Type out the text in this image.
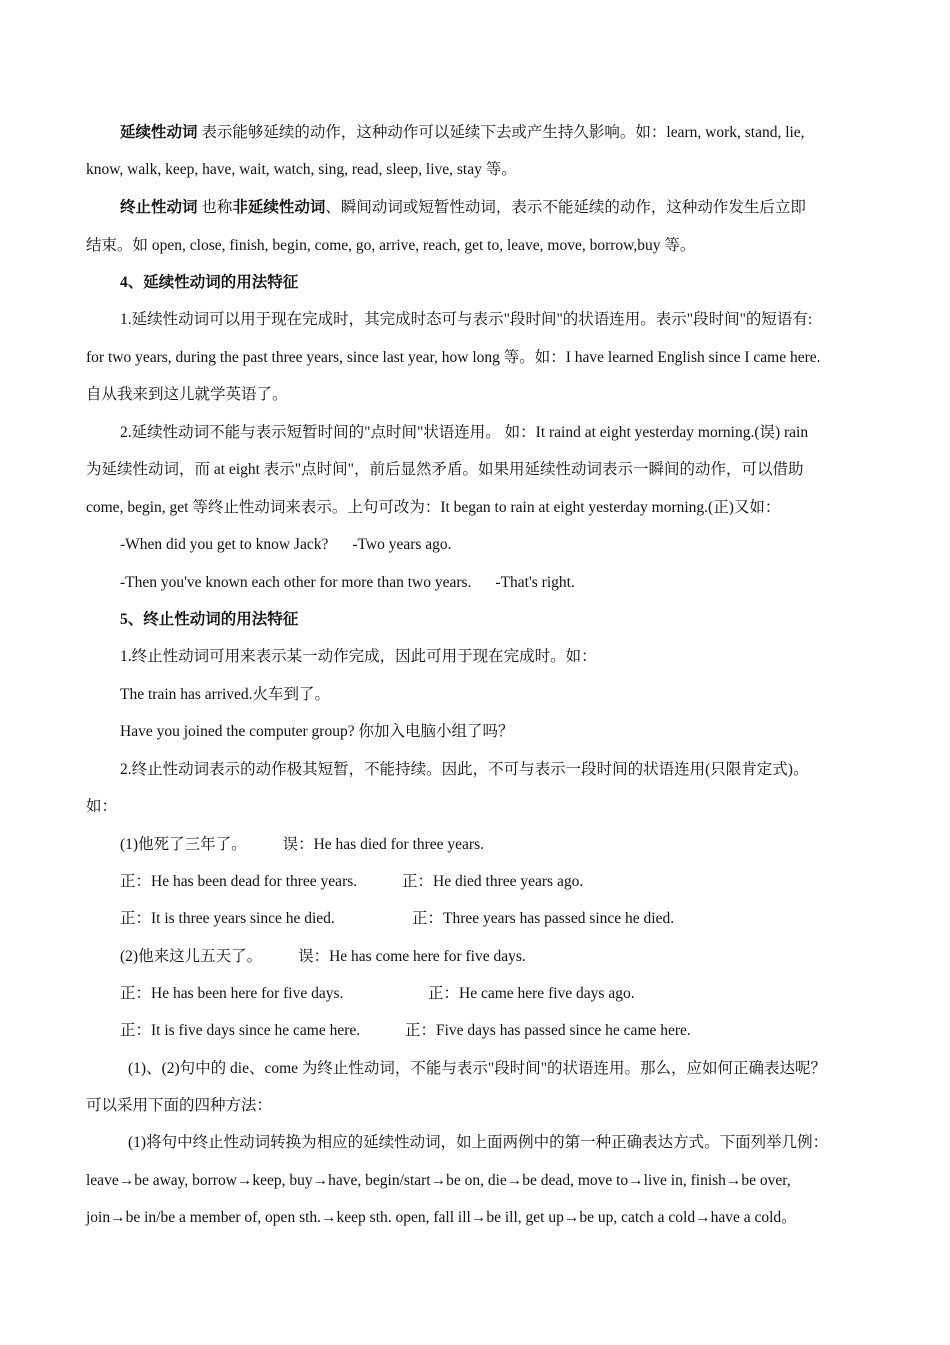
延续性动词 表示能够延续的动作，这种动作可以延续下去或产生持久影响。如：learn, work, stand, lie,
know, walk, keep, have, wait, watch, sing, read, sleep, live, stay 等。
终止性动词 也称非延续性动词、瞬间动词或短暂性动词，表示不能延续的动作，这种动作发生后立即
结束。如 open, close, finish, begin, come, go, arrive, reach, get to, leave, move, borrow,buy 等。
4、延续性动词的用法特征
1.延续性动词可以用于现在完成时，其完成时态可与表示"段时间"的状语连用。表示"段时间"的短语有:
for two years, during the past three years, since last year, how long 等。如：I have learned English since I came here.
自从我来到这儿就学英语了。
2.延续性动词不能与表示短暂时间的"点时间"状语连用。 如：It raind at eight yesterday morning.(误) rain
为延续性动词，而 at eight 表示"点时间"，前后显然矛盾。如果用延续性动词表示一瞬间的动作，可以借助
come, begin, get 等终止性动词来表示。上句可改为：It began to rain at eight yesterday morning.(正)又如：
-When did you get to know Jack? -Two years ago.
-Then you've known each other for more than two years. -That's right.
5、终止性动词的用法特征
1.终止性动词可用来表示某一动作完成，因此可用于现在完成时。如：
The train has arrived.火车到了。
Have you joined the computer group? 你加入电脑小组了吗？
2.终止性动词表示的动作极其短暂，不能持续。因此，不可与表示一段时间的状语连用(只限肯定式)。
如：
(1)他死了三年了。 误：He has died for three years.
正：He has been dead for three years.	正：He died three years ago.
正：It is three years since he died.	正：Three years has passed since he died.
(2)他来这儿五天了。 误：He has come here for five days.
正：He has been here for five days.	正：He came here five days ago.
正：It is five days since he came here.	正：Five days has passed since he came here.
(1)、(2)句中的 die、come 为终止性动词，不能与表示"段时间"的状语连用。那么，应如何正确表达呢？
可以采用下面的四种方法：
(1)将句中终止性动词转换为相应的延续性动词，如上面两例中的第一种正确表达方式。下面列举几例：
leave→be away, borrow→keep, buy→have, begin/start→be on, die→be dead, move to→live in, finish→be over,
join→be in/be a member of, open sth.→keep sth. open, fall ill→be ill, get up→be up, catch a cold→have a cold。
